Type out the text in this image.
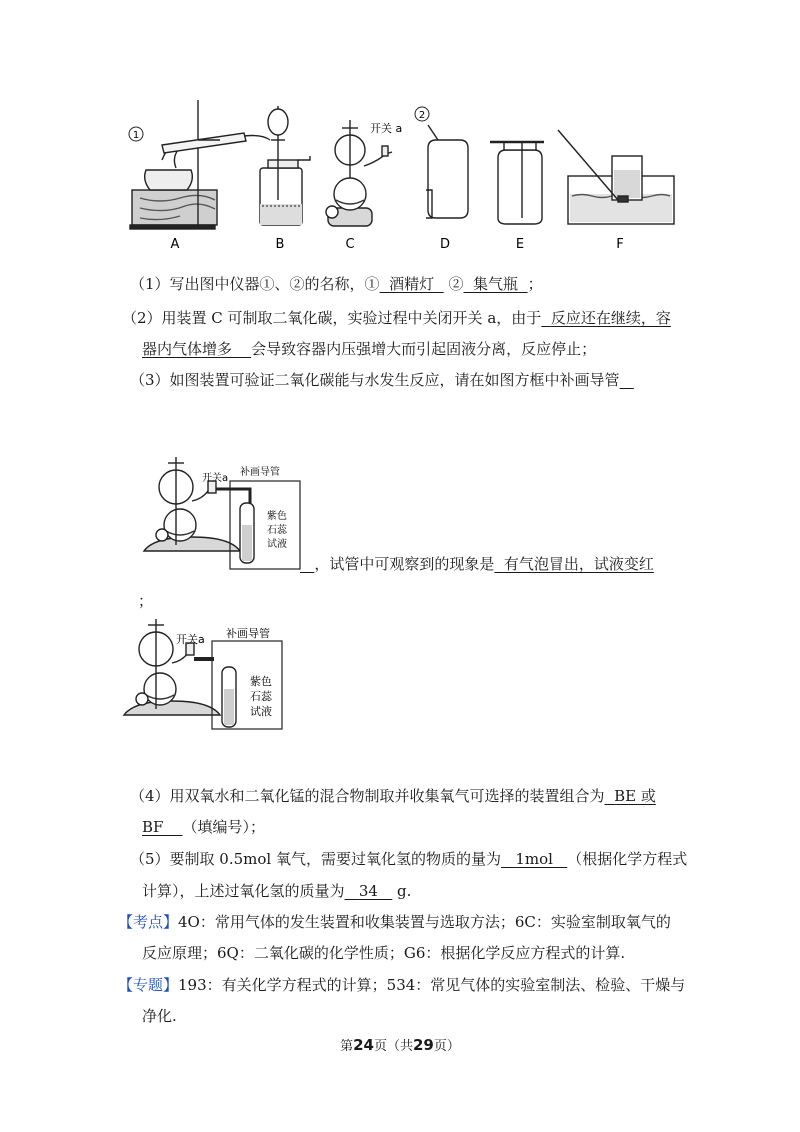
1
2
开关 a
A	B	C	D	E	F
（1）写出图中仪器①、②的名称，① 酒精灯 ② 集气瓶 ；
（2）用装置 C 可制取二氧化碳，实验过程中关闭开关 a，由于 反应还在继续，容
器内气体增多 会导致容器内压强增大而引起固液分离，反应停止；
（3）如图装置可验证二氧化碳能与水发生反应，请在如图方框中补画导管
开关a
补画导管
紫色
石蕊
试液
，试管中可观察到的现象是 有气泡冒出，试液变红
；
开关a 补画导管
紫色
石蕊
试液
（4）用双氧水和二氧化锰的混合物制取并收集氧气可选择的装置组合为 BE 或
BF （填编号）；
（5）要制取 0.5mol 氧气，需要过氧化氢的物质的量为 1mol （根据化学方程式
计算），上述过氧化氢的质量为 34 g.
【考点】4O：常用气体的发生装置和收集装置与选取方法；6C：实验室制取氧气的
反应原理；6Q：二氧化碳的化学性质；G6：根据化学反应方程式的计算.
【专题】193：有关化学方程式的计算；534：常见气体的实验室制法、检验、干燥与
净化.
第24页（共29页）
